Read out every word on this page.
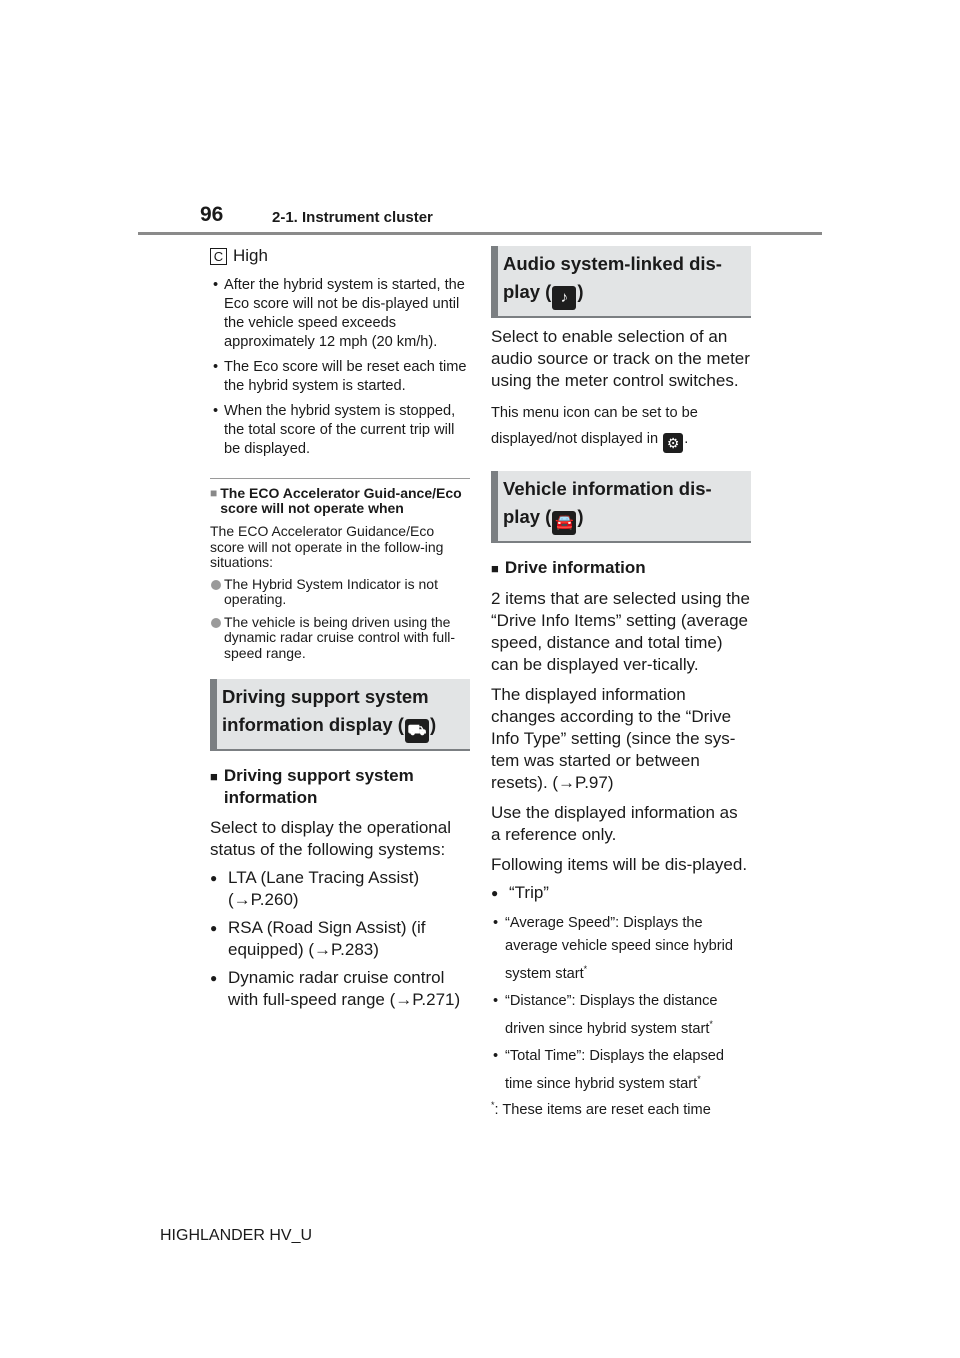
96	2-1. Instrument cluster
C High
• After the hybrid system is started, the Eco score will not be dis-played until the vehicle speed exceeds approximately 12 mph (20 km/h).
• The Eco score will be reset each time the hybrid system is started.
• When the hybrid system is stopped, the total score of the current trip will be displayed.
■ The ECO Accelerator Guid-ance/Eco score will not operate when
The ECO Accelerator Guidance/Eco score will not operate in the follow-ing situations:
The Hybrid System Indicator is not operating.
The vehicle is being driven using the dynamic radar cruise control with full-speed range.
Driving support system
information display ( ⛟ )
■ Driving support system information

Select to display the operational status of the following systems:

● LTA (Lane Tracing Assist) (→P.260)
● RSA (Road Sign Assist) (if equipped) (→P.283)
● Dynamic radar cruise control with full-speed range (→P.271)
Audio system-linked dis-
play ( ♪ )

Select to enable selection of an audio source or track on the meter using the meter control switches.

This menu icon can be set to be displayed/not displayed in ⚙ .
Vehicle information dis-
play ( 🚘 )
■ Drive information

2 items that are selected using the “Drive Info Items” setting (average speed, distance and total time) can be displayed ver-tically.

The displayed information changes according to the “Drive Info Type” setting (since the sys-tem was started or between resets). (→P.97)

Use the displayed information as a reference only.

Following items will be dis-played.

● “Trip”
• “Average Speed”: Displays the average vehicle speed since hybrid system start*
• “Distance”: Displays the distance driven since hybrid system start*
• “Total Time”: Displays the elapsed time since hybrid system start*
*: These items are reset each time
HIGHLANDER HV_U
